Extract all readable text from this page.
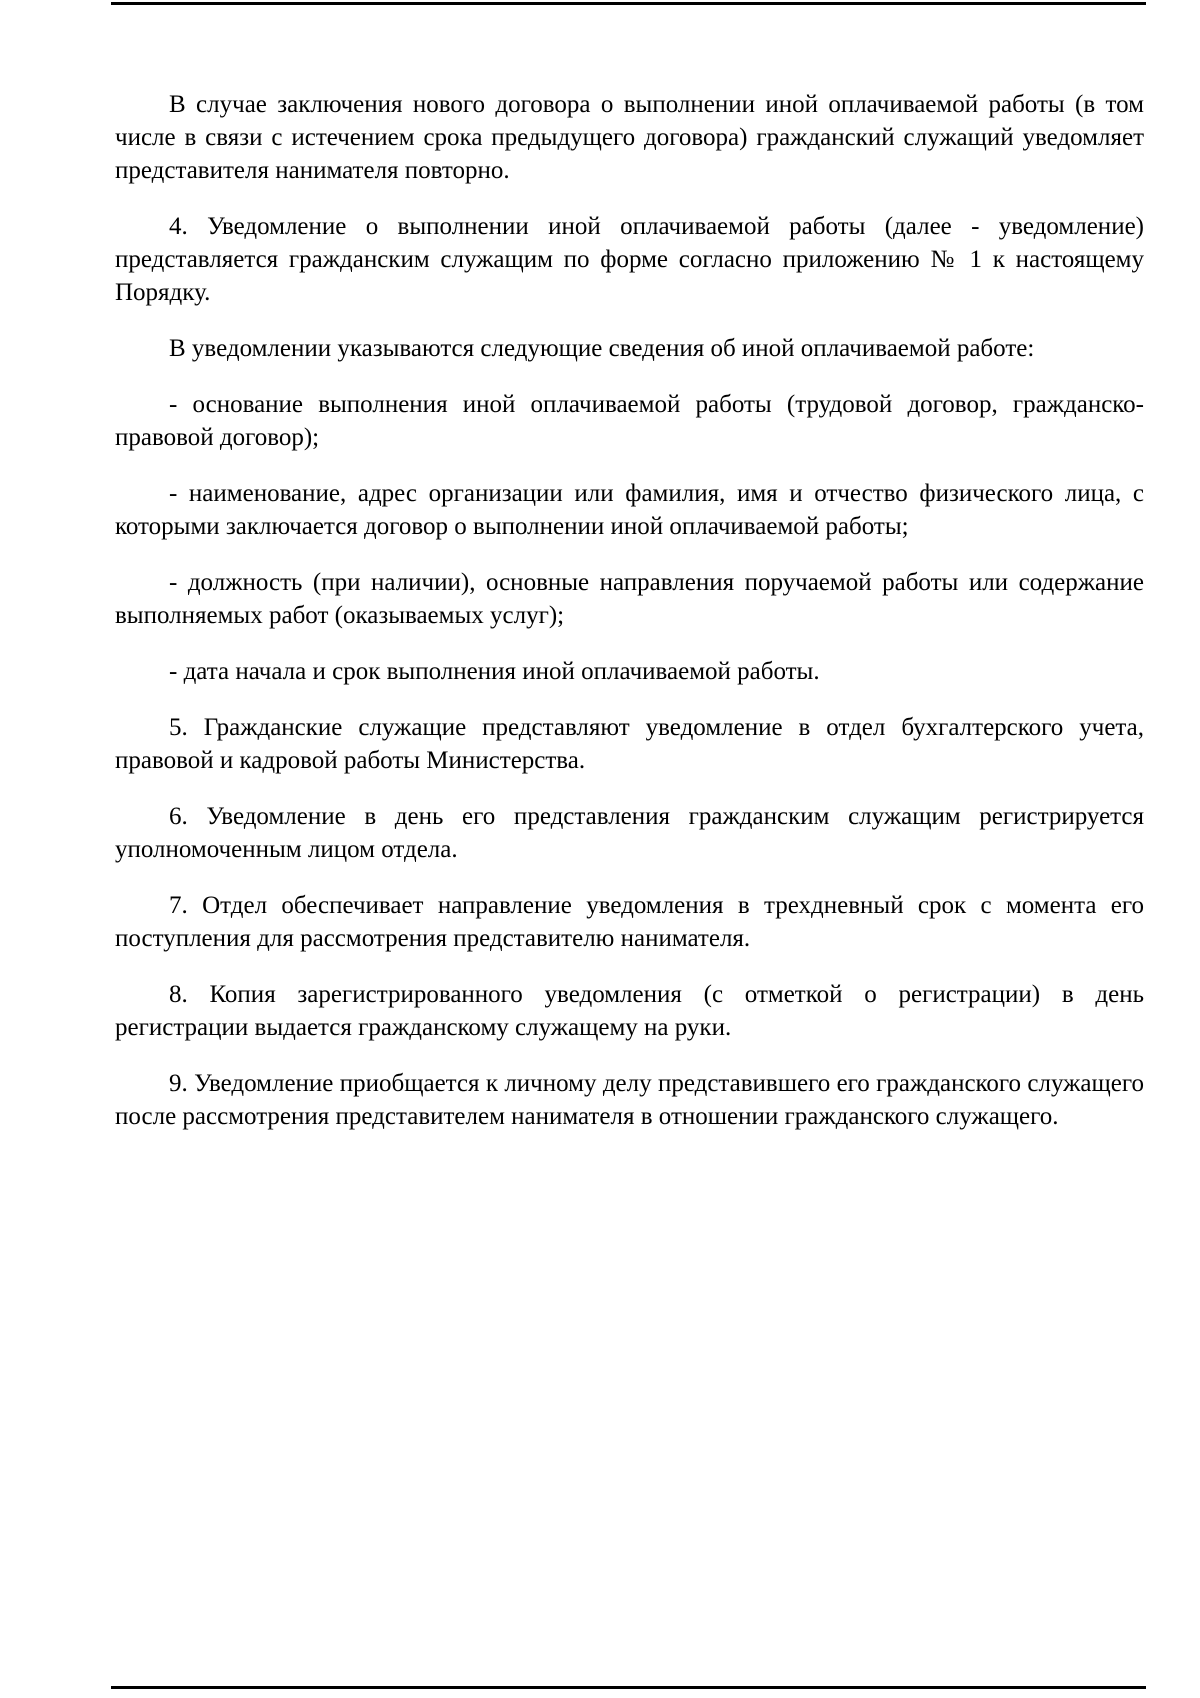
В случае заключения нового договора о выполнении иной оплачиваемой работы (в том числе в связи с истечением срока предыдущего договора) гражданский служащий уведомляет представителя нанимателя повторно.

4. Уведомление о выполнении иной оплачиваемой работы (далее - уведомление) представляется гражданским служащим по форме согласно приложению № 1 к настоящему Порядку.

В уведомлении указываются следующие сведения об иной оплачиваемой работе:

- основание выполнения иной оплачиваемой работы (трудовой договор, гражданско-правовой договор);

- наименование, адрес организации или фамилия, имя и отчество физического лица, с которыми заключается договор о выполнении иной оплачиваемой работы;

- должность (при наличии), основные направления поручаемой работы или содержание выполняемых работ (оказываемых услуг);

- дата начала и срок выполнения иной оплачиваемой работы.

5. Гражданские служащие представляют уведомление в отдел бухгалтерского учета, правовой и кадровой работы Министерства.

6. Уведомление в день его представления гражданским служащим регистрируется уполномоченным лицом отдела.

7. Отдел обеспечивает направление уведомления в трехдневный срок с момента его поступления для рассмотрения представителю нанимателя.

8. Копия зарегистрированного уведомления (с отметкой о регистрации) в день регистрации выдается гражданскому служащему на руки.

9. Уведомление приобщается к личному делу представившего его гражданского служащего после рассмотрения представителем нанимателя в отношении гражданского служащего.
